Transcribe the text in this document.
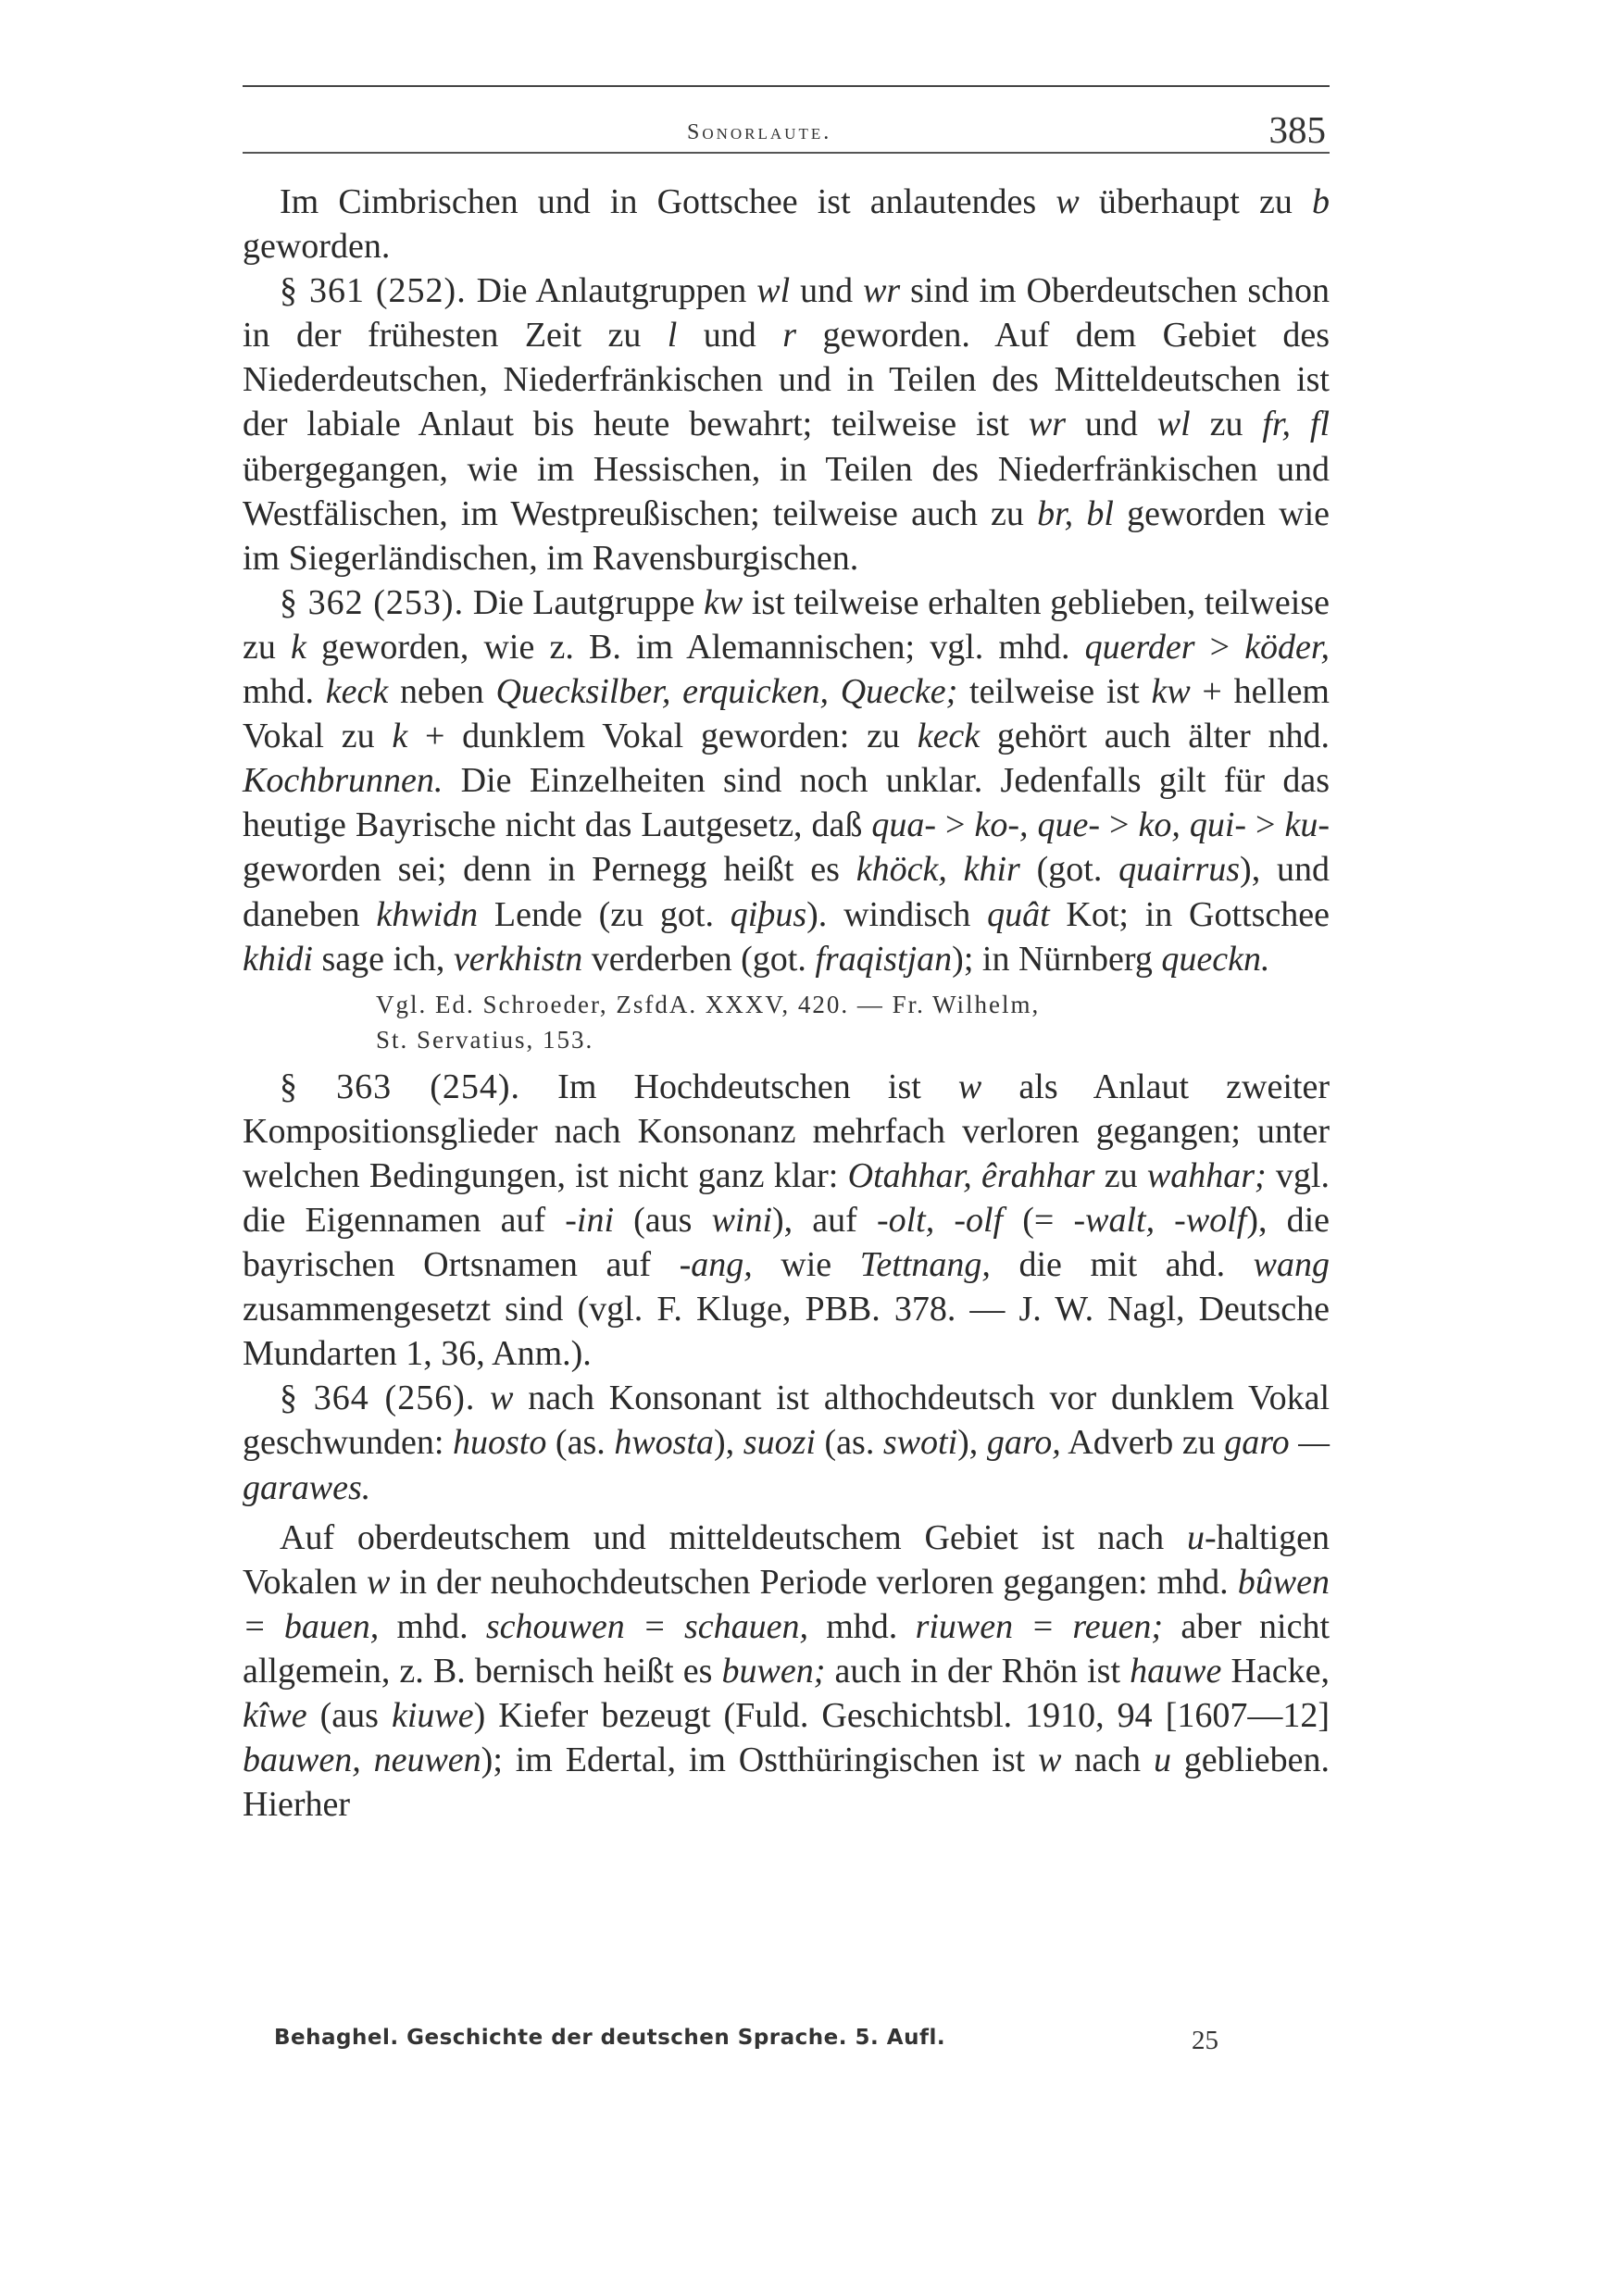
Sonorlaute.	385

Im Cimbrischen und in Gottschee ist anlautendes w überhaupt zu b geworden.

§ 361 (252). Die Anlautgruppen wl und wr sind im Oberdeutschen schon in der frühesten Zeit zu l und r geworden. Auf dem Gebiet des Niederdeutschen, Niederfränkischen und in Teilen des Mitteldeutschen ist der labiale Anlaut bis heute bewahrt; teilweise ist wr und wl zu fr, fl übergegangen, wie im Hessischen, in Teilen des Niederfränkischen und Westfälischen, im Westpreußischen; teilweise auch zu br, bl geworden wie im Siegerländischen, im Ravensburgischen.

§ 362 (253). Die Lautgruppe kw ist teilweise erhalten geblieben, teilweise zu k geworden, wie z. B. im Alemannischen; vgl. mhd. querder > köder, mhd. keck neben Quecksilber, erquicken, Quecke; teilweise ist kw + hellem Vokal zu k + dunklem Vokal geworden: zu keck gehört auch älter nhd. Kochbrunnen. Die Einzelheiten sind noch unklar. Jedenfalls gilt für das heutige Bayrische nicht das Lautgesetz, daß qua- > ko-, que- > ko, qui- > ku- geworden sei; denn in Pernegg heißt es khöck, khir (got. quairrus), und daneben khwidn Lende (zu got. qiþus). windisch quât Kot; in Gottschee khidi sage ich, verkhistn verderben (got. fraqistjan); in Nürnberg queckn.

Vgl. Ed. Schroeder, ZsfdA. XXXV, 420. — Fr. Wilhelm,
St. Servatius, 153.

§ 363 (254). Im Hochdeutschen ist w als Anlaut zweiter Kompositionsglieder nach Konsonanz mehrfach verloren gegangen; unter welchen Bedingungen, ist nicht ganz klar: Otahhar, êrahhar zu wahhar; vgl. die Eigennamen auf -ini (aus wini), auf -olt, -olf (= -walt, -wolf), die bayrischen Ortsnamen auf -ang, wie Tettnang, die mit ahd. wang zusammengesetzt sind (vgl. F. Kluge, PBB. 378. — J. W. Nagl, Deutsche Mundarten 1, 36, Anm.).

§ 364 (256). w nach Konsonant ist althochdeutsch vor dunklem Vokal geschwunden: huosto (as. hwosta), suozi (as. swoti), garo, Adverb zu garo — garawes.

Auf oberdeutschem und mitteldeutschem Gebiet ist nach u-haltigen Vokalen w in der neuhochdeutschen Periode verloren gegangen: mhd. bûwen = bauen, mhd. schouwen = schauen, mhd. riuwen = reuen; aber nicht allgemein, z. B. bernisch heißt es buwen; auch in der Rhön ist hauwe Hacke, kîwe (aus kiuwe) Kiefer bezeugt (Fuld. Geschichtsbl. 1910, 94 [1607—12] bauwen, neuwen); im Edertal, im Ostthüringischen ist w nach u geblieben. Hierher

Behaghel. Geschichte der deutschen Sprache. 5. Aufl.	25
